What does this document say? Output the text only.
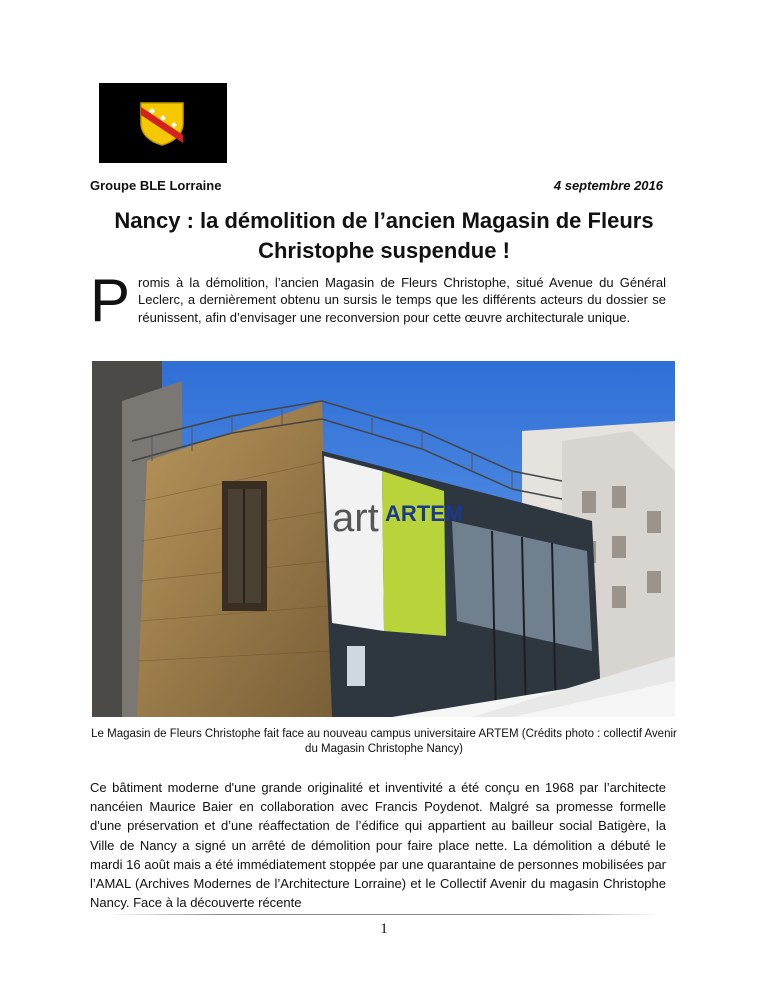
Groupe BLE Lorraine	4 septembre 2016
Nancy : la démolition de l’ancien Magasin de Fleurs Christophe suspendue !

Promis à la démolition, l’ancien Magasin de Fleurs Christophe, situé Avenue du Général Leclerc, a dernièrement obtenu un sursis le temps que les différents acteurs du dossier se réunissent, afin d’envisager une reconversion pour cette œuvre architecturale unique.

art ARTEM
Le Magasin de Fleurs Christophe fait face au nouveau campus universitaire ARTEM (Crédits photo : collectif Avenir du Magasin Christophe Nancy)

Ce bâtiment moderne d'une grande originalité et inventivité a été conçu en 1968 par l’architecte nancéien Maurice Baier en collaboration avec Francis Poydenot. Malgré sa promesse formelle d'une préservation et d’une réaffectation de l’édifice qui appartient au bailleur social Batigère, la Ville de Nancy a signé un arrêté de démolition pour faire place nette. La démolition a débuté le mardi 16 août mais a été immédiatement stoppée par une quarantaine de personnes mobilisées par l’AMAL (Archives Modernes de l’Architecture Lorraine) et le Collectif Avenir du magasin Christophe Nancy. Face à la découverte récente

1
